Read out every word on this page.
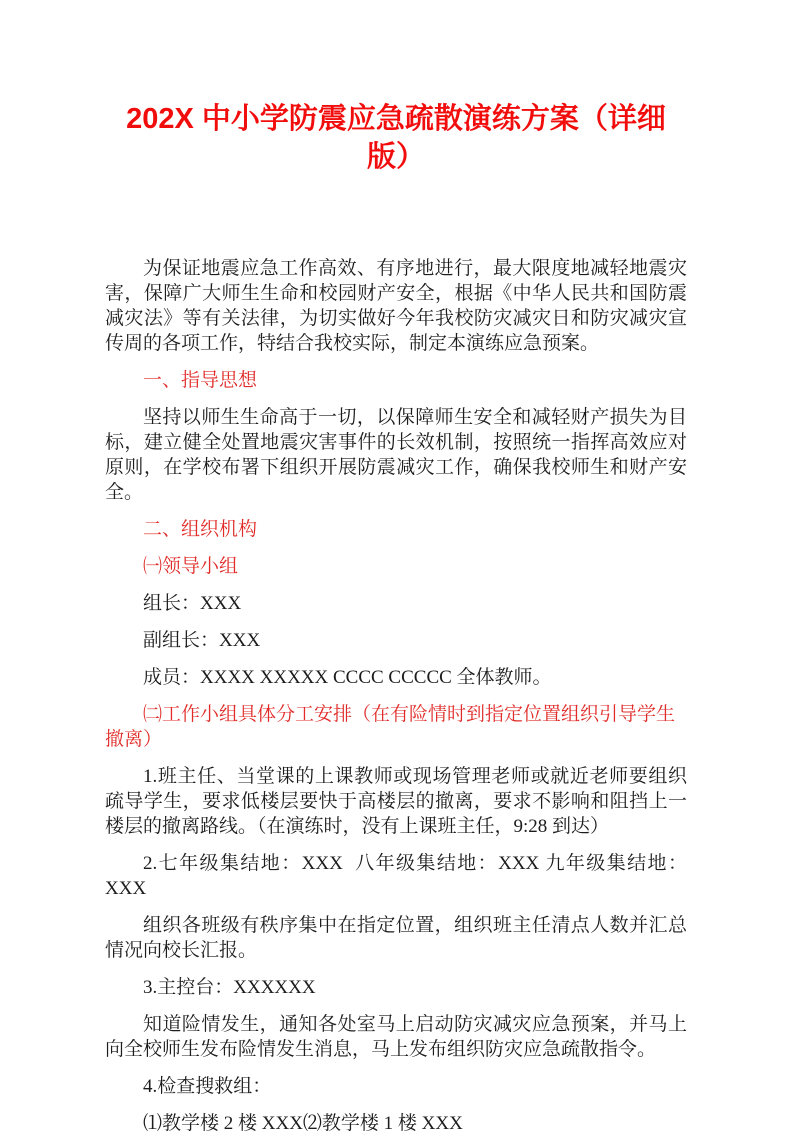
202X 中小学防震应急疏散演练方案（详细版）

为保证地震应急工作高效、有序地进行，最大限度地减轻地震灾害，保障广大师生生命和校园财产安全，根据《中华人民共和国防震减灾法》等有关法律，为切实做好今年我校防灾减灾日和防灾减灾宣传周的各项工作，特结合我校实际，制定本演练应急预案。

一、指导思想

坚持以师生生命高于一切，以保障师生安全和减轻财产损失为目标，建立健全处置地震灾害事件的长效机制，按照统一指挥高效应对原则，在学校布署下组织开展防震减灾工作，确保我校师生和财产安全。

二、组织机构

㈠领导小组

组长：XXX

副组长：XXX

成员：XXXX XXXXX CCCC CCCCC 全体教师。

㈡工作小组具体分工安排（在有险情时到指定位置组织引导学生撤离）

1.班主任、当堂课的上课教师或现场管理老师或就近老师要组织疏导学生，要求低楼层要快于高楼层的撤离，要求不影响和阻挡上一楼层的撤离路线。（在演练时，没有上课班主任，9:28 到达）

2.七年级集结地：XXX  八年级集结地：XXX 九年级集结地：XXX

组织各班级有秩序集中在指定位置，组织班主任清点人数并汇总情况向校长汇报。

3.主控台：XXXXXX

知道险情发生，通知各处室马上启动防灾减灾应急预案，并马上向全校师生发布险情发生消息，马上发布组织防灾应急疏散指令。

4.检查搜救组：

⑴教学楼 2 楼 XXX⑵教学楼 1 楼 XXX
